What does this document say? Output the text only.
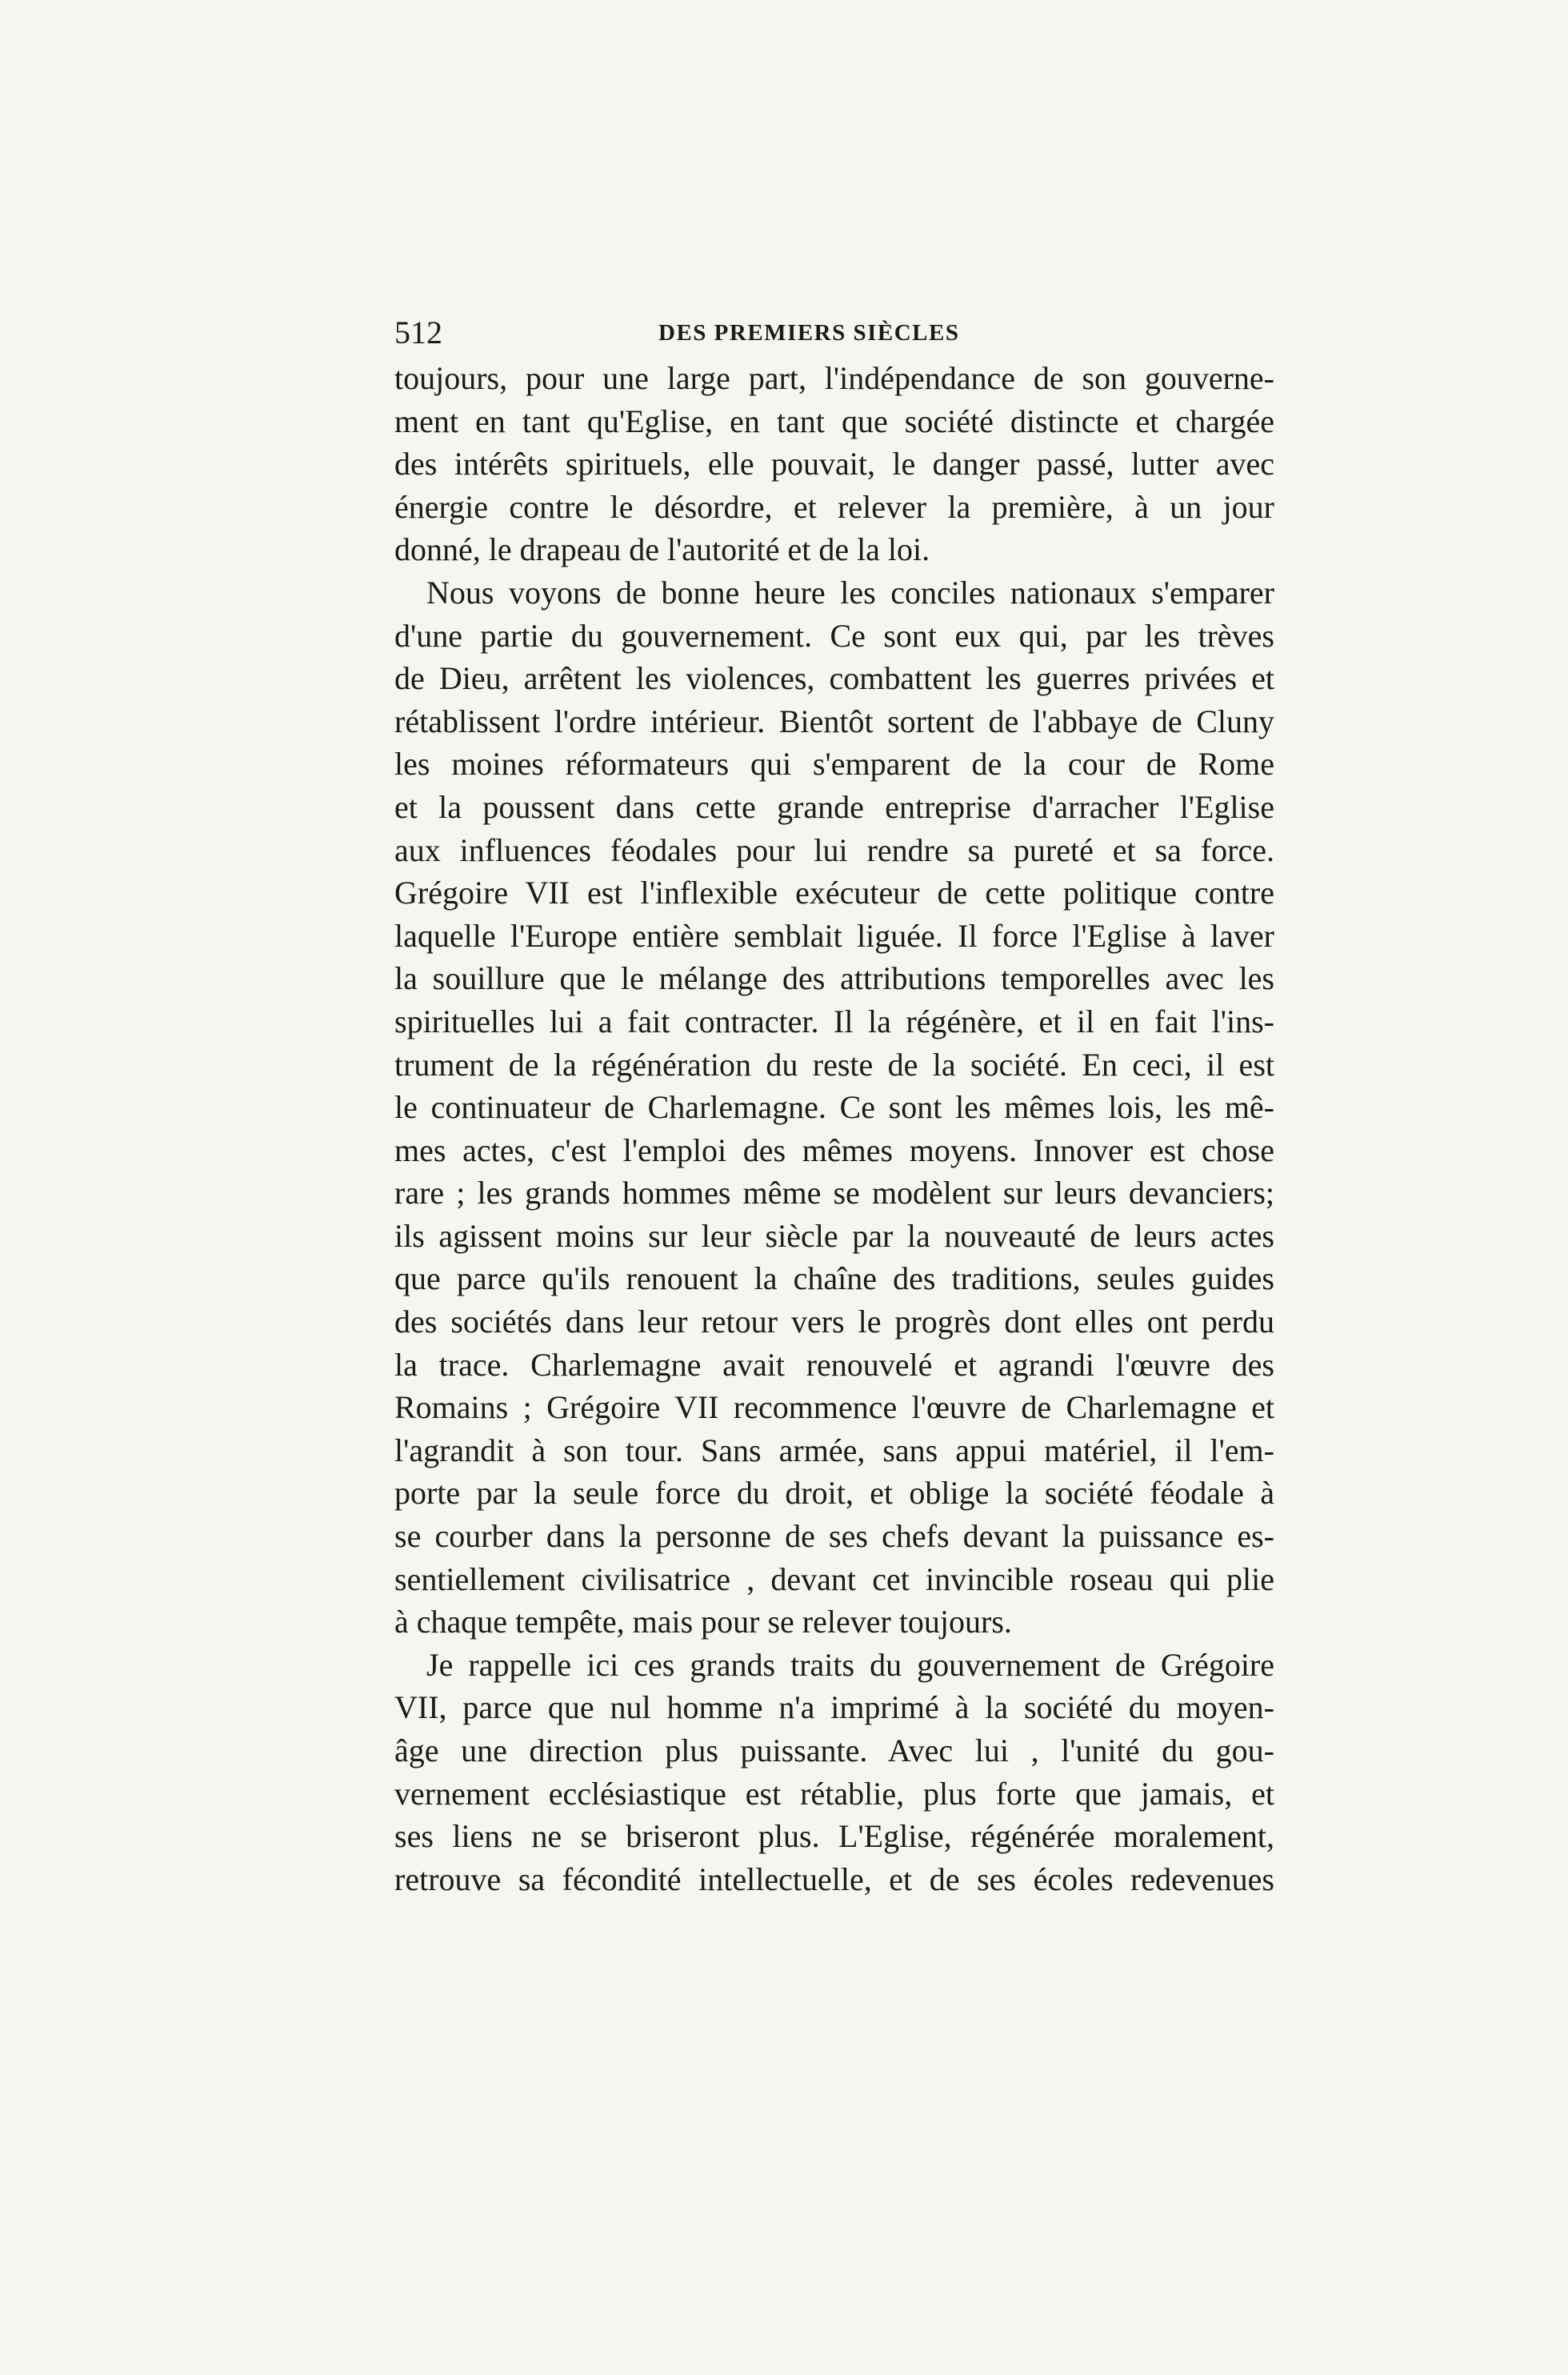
512	DES PREMIERS SIÈCLES
toujours, pour une large part, l'indépendance de son gouverne-
ment en tant qu'Eglise, en tant que société distincte et chargée
des intérêts spirituels, elle pouvait, le danger passé, lutter avec
énergie contre le désordre, et relever la première, à un jour
donné, le drapeau de l'autorité et de la loi.
Nous voyons de bonne heure les conciles nationaux s'emparer
d'une partie du gouvernement. Ce sont eux qui, par les trèves
de Dieu, arrêtent les violences, combattent les guerres privées et
rétablissent l'ordre intérieur. Bientôt sortent de l'abbaye de Cluny
les moines réformateurs qui s'emparent de la cour de Rome
et la poussent dans cette grande entreprise d'arracher l'Eglise
aux influences féodales pour lui rendre sa pureté et sa force.
Grégoire VII est l'inflexible exécuteur de cette politique contre
laquelle l'Europe entière semblait liguée. Il force l'Eglise à laver
la souillure que le mélange des attributions temporelles avec les
spirituelles lui a fait contracter. Il la régénère, et il en fait l'ins-
trument de la régénération du reste de la société. En ceci, il est
le continuateur de Charlemagne. Ce sont les mêmes lois, les mê-
mes actes, c'est l'emploi des mêmes moyens. Innover est chose
rare ; les grands hommes même se modèlent sur leurs devanciers;
ils agissent moins sur leur siècle par la nouveauté de leurs actes
que parce qu'ils renouent la chaîne des traditions, seules guides
des sociétés dans leur retour vers le progrès dont elles ont perdu
la trace. Charlemagne avait renouvelé et agrandi l'œuvre des
Romains ; Grégoire VII recommence l'œuvre de Charlemagne et
l'agrandit à son tour. Sans armée, sans appui matériel, il l'em-
porte par la seule force du droit, et oblige la société féodale à
se courber dans la personne de ses chefs devant la puissance es-
sentiellement civilisatrice , devant cet invincible roseau qui plie
à chaque tempête, mais pour se relever toujours.
Je rappelle ici ces grands traits du gouvernement de Grégoire
VII, parce que nul homme n'a imprimé à la société du moyen-
âge une direction plus puissante. Avec lui , l'unité du gou-
vernement ecclésiastique est rétablie, plus forte que jamais, et
ses liens ne se briseront plus. L'Eglise, régénérée moralement,
retrouve sa fécondité intellectuelle, et de ses écoles redevenues
